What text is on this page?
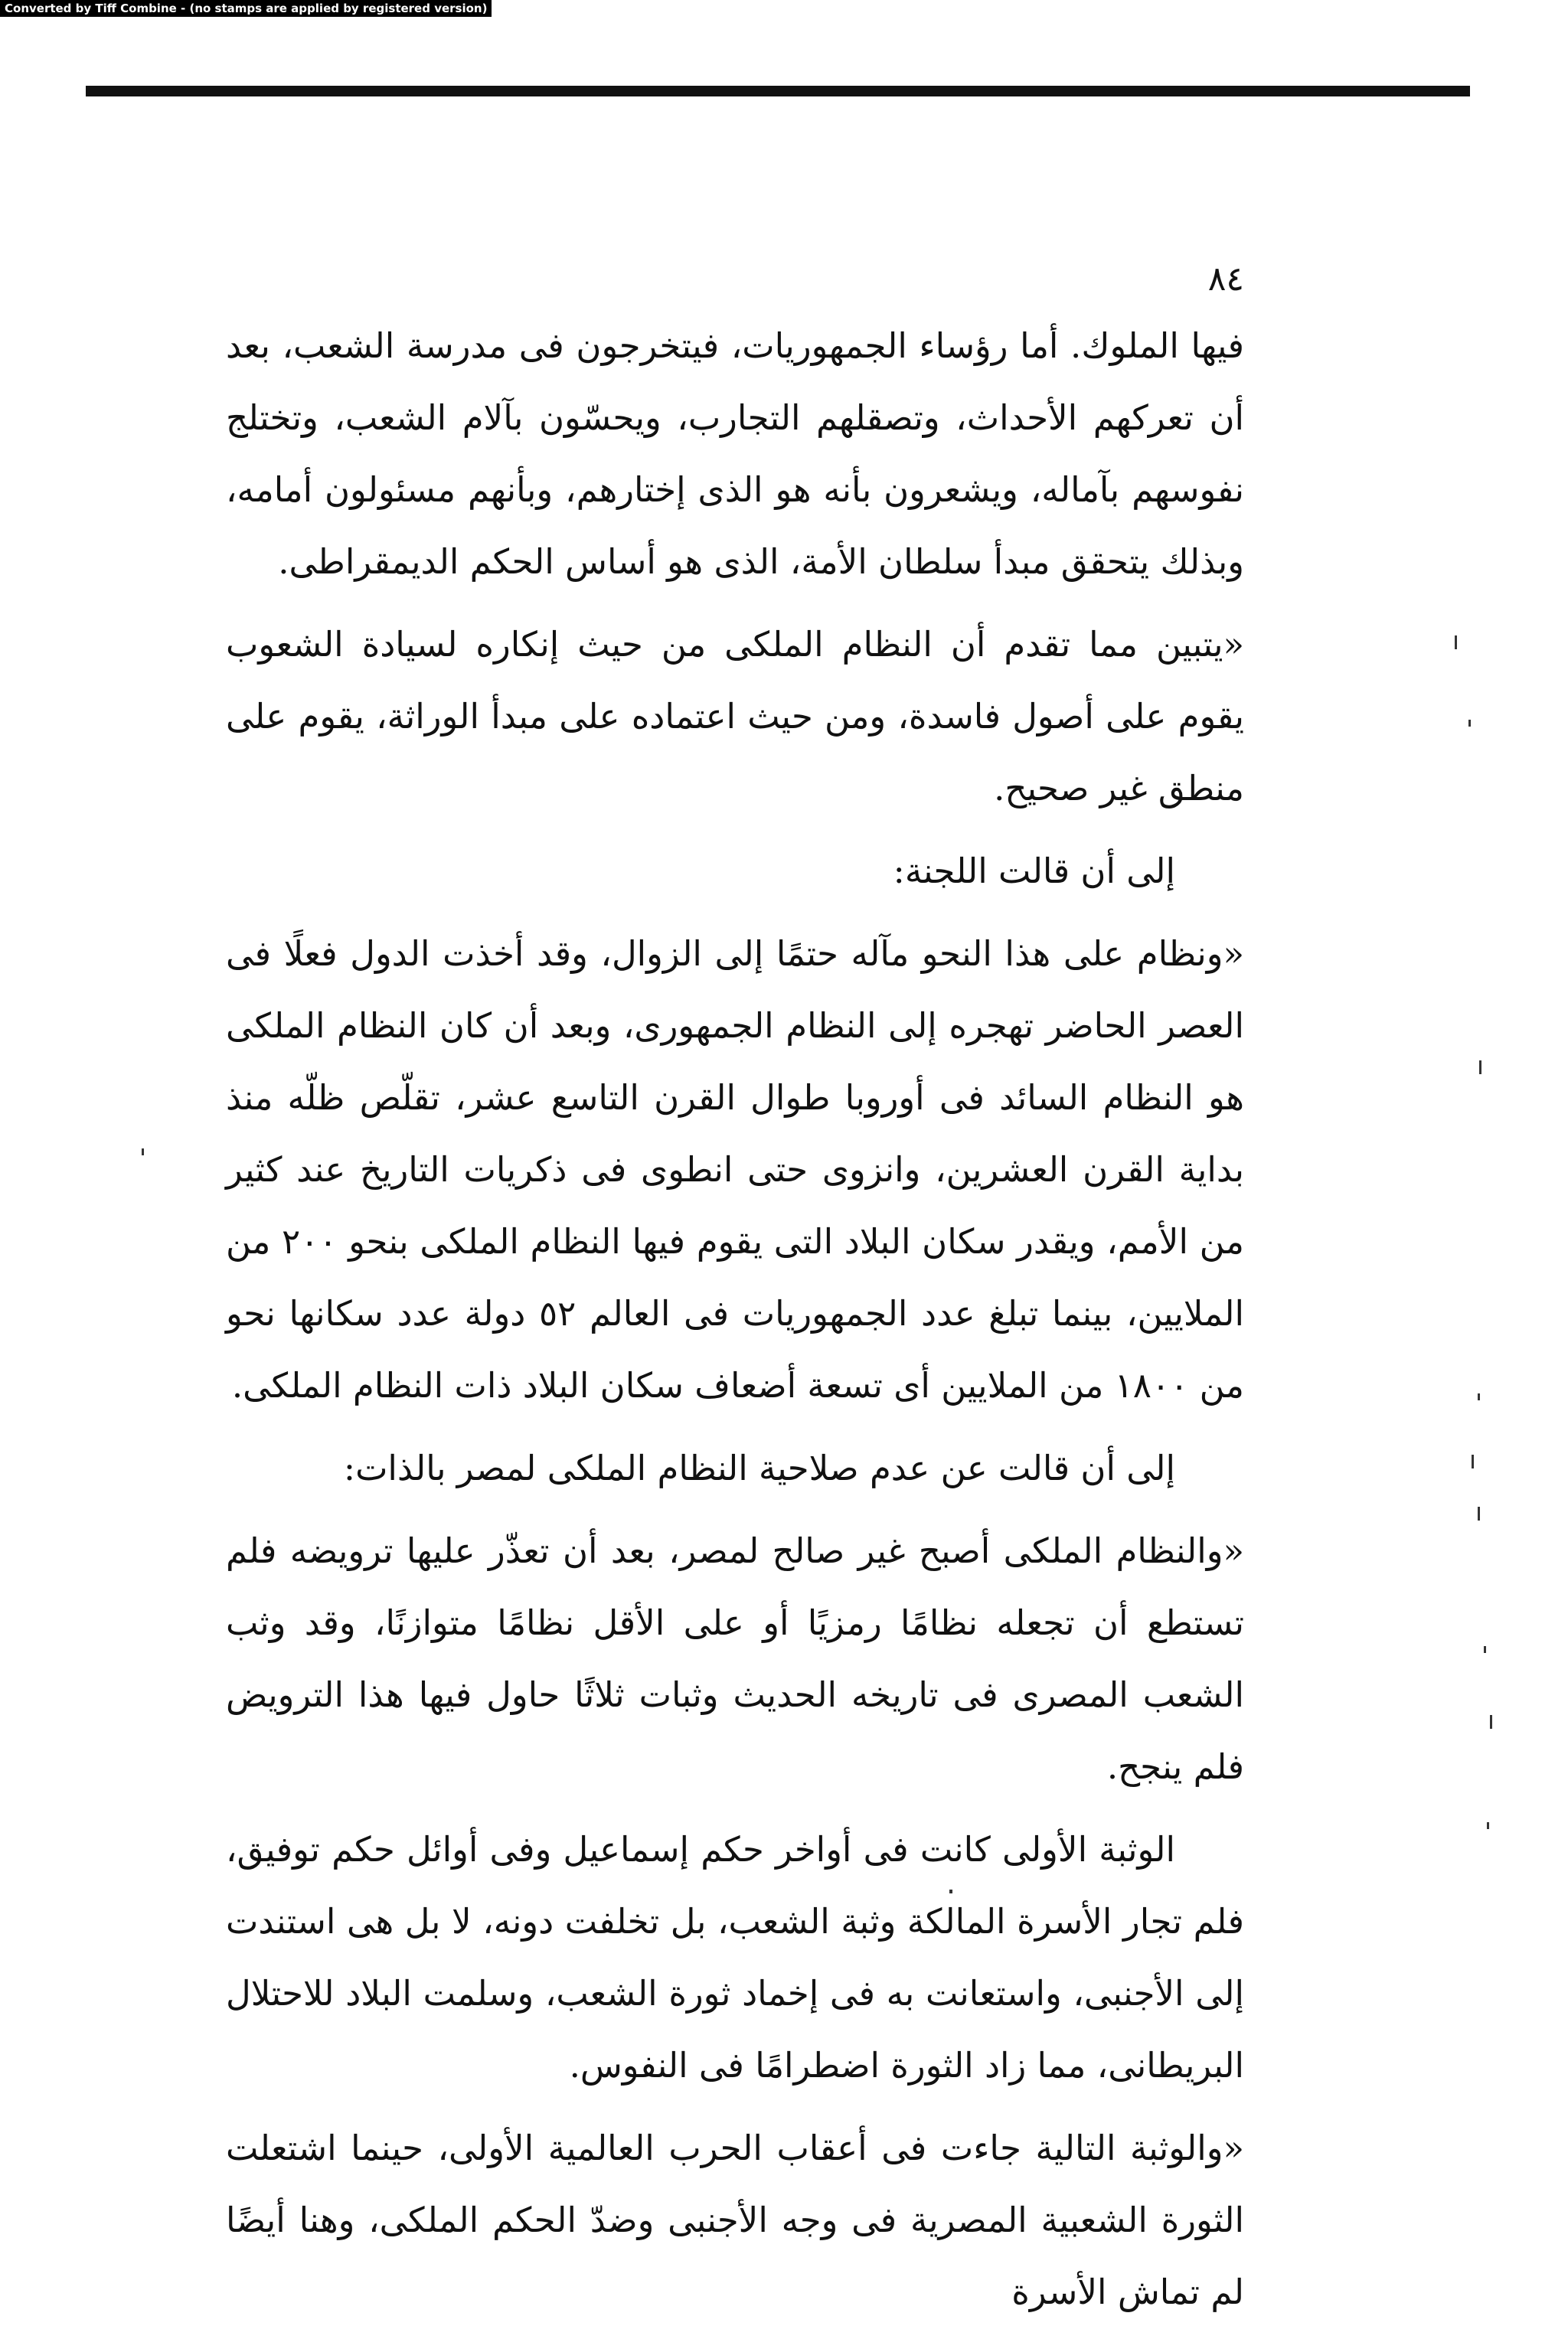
Converted by Tiff Combine - (no stamps are applied by registered version)
٨٤

فيها الملوك. أما رؤساء الجمهوريات، فيتخرجون فى مدرسة الشعب، بعد أن تعركهم الأحداث، وتصقلهم التجارب، ويحسّون بآلام الشعب، وتختلج نفوسهم بآماله، ويشعرون بأنه هو الذى إختارهم، وبأنهم مسئولون أمامه، وبذلك يتحقق مبدأ سلطان الأمة، الذى هو أساس الحكم الديمقراطى.

«يتبين مما تقدم أن النظام الملكى من حيث إنكاره لسيادة الشعوب يقوم على أصول فاسدة، ومن حيث اعتماده على مبدأ الوراثة، يقوم على منطق غير صحيح.

إلى أن قالت اللجنة:

«ونظام على هذا النحو مآله حتمًا إلى الزوال، وقد أخذت الدول فعلًا فى العصر الحاضر تهجره إلى النظام الجمهورى، وبعد أن كان النظام الملكى هو النظام السائد فى أوروبا طوال القرن التاسع عشر، تقلّص ظلّه منذ بداية القرن العشرين، وانزوى حتى انطوى فى ذكريات التاريخ عند كثير من الأمم، ويقدر سكان البلاد التى يقوم فيها النظام الملكى بنحو ٢٠٠ من الملايين، بينما تبلغ عدد الجمهوريات فى العالم ٥٢ دولة عدد سكانها نحو من ١٨٠٠ من الملايين أى تسعة أضعاف سكان البلاد ذات النظام الملكى.

إلى أن قالت عن عدم صلاحية النظام الملكى لمصر بالذات:

«والنظام الملكى أصبح غير صالح لمصر، بعد أن تعذّر عليها ترويضه فلم تستطع أن تجعله نظامًا رمزيًا أو على الأقل نظامًا متوازنًا، وقد وثب الشعب المصرى فى تاريخه الحديث وثبات ثلاثًا حاول فيها هذا الترويض فلم ينجح.

الوثبة الأولى كانت فى أواخر حكم إسماعيل وفى أوائل حكم توفيق، فلم تجار الأسرة المالكة وثبة الشعب، بل تخلفت دونه، لا بل هى استندت إلى الأجنبى، واستعانت به فى إخماد ثورة الشعب، وسلمت البلاد للاحتلال البريطانى، مما زاد الثورة اضطرامًا فى النفوس.

«والوثبة التالية جاءت فى أعقاب الحرب العالمية الأولى، حينما اشتعلت الثورة الشعبية المصرية فى وجه الأجنبى وضدّ الحكم الملكى، وهنا أيضًا لم تماش الأسرة
